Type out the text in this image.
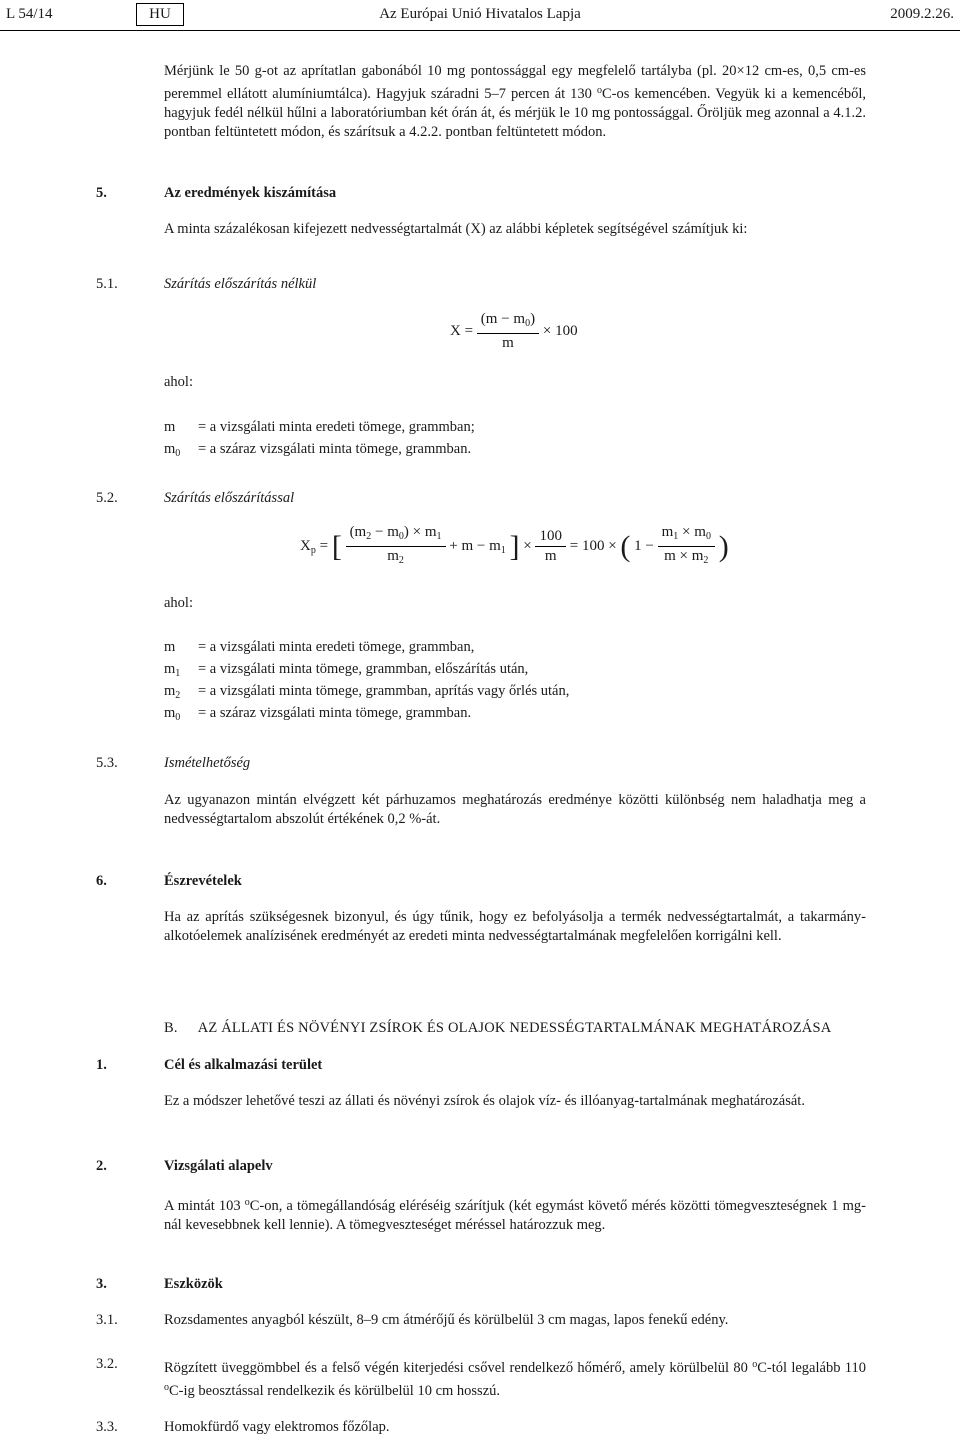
L 54/14	HU	Az Európai Unió Hivatalos Lapja	2009.2.26.
Mérjünk le 50 g-ot az aprítatlan gabonából 10 mg pontossággal egy megfelelő tartályba (pl. 20×12 cm-es, 0,5 cm-es peremmel ellátott alumíniumtálca). Hagyjuk száradni 5–7 percen át 130 $^o$C-os kemencében. Vegyük ki a kemencéből, hagyjuk fedél nélkül hűlni a laboratóriumban két órán át, és mérjük le 10 mg pontossággal. Őröljük meg azonnal a 4.1.2. pontban feltüntetett módon, és szárítsuk a 4.2.2. pontban feltüntetett módon.
5.	Az eredmények kiszámítása
A minta százalékosan kifejezett nedvességtartalmát (X) az alábbi képletek segítségével számítjuk ki:
5.1.	Szárítás előszárítás nélkül
$X = \frac{(m - m_0)}{m} \times 100$
ahol:
m = a vizsgálati minta eredeti tömege, grammban;
$m_0 = a$ száraz vizsgálati minta tömege, grammban.
5.2.	Szárítás előszárítással
$X_p$ = [ $\frac{(m_2 - m_0) \times m_1}{m_2} + m - m_1$ ] × $\frac{100}{m} = 100$ × ( $1 - \frac{m_1 \times m_0}{m \times m_2}$ )
ahol:
m = a vizsgálati minta eredeti tömege, grammban,
$m_1 = a$ vizsgálati minta tömege, grammban, előszárítás után,
$m_2 = a$ vizsgálati minta tömege, grammban, aprítás vagy őrlés után,
$m_0 = a$ száraz vizsgálati minta tömege, grammban.
5.3.	Ismételhetőség
Az ugyanazon mintán elvégzett két párhuzamos meghatározás eredménye közötti különbség nem haladhatja meg a nedvességtartalom abszolút értékének 0,2 %-át.
6.	Észrevételek
Ha az aprítás szükségesnek bizonyul, és úgy tűnik, hogy ez befolyásolja a termék nedvességtartalmát, a takarmány-alkotóelemek analízisének eredményét az eredeti minta nedvességtartalmának megfelelően korrigálni kell.
B. AZ ÁLLATI ÉS NÖVÉNYI ZSÍROK ÉS OLAJOK NEDESSÉGTARTALMÁNAK MEGHATÁROZÁSA
1.	Cél és alkalmazási terület
Ez a módszer lehetővé teszi az állati és növényi zsírok és olajok víz- és illóanyag-tartalmának meghatározását.
2.	Vizsgálati alapelv
A mintát 103 $^o$C-on, a tömegállandóság eléréséig szárítjuk (két egymást követő mérés közötti tömegveszteségnek 1 mg-nál kevesebbnek kell lennie). A tömegveszteséget méréssel határozzuk meg.
3.	Eszközök
3.1.	Rozsdamentes anyagból készült, 8–9 cm átmérőjű és körülbelül 3 cm magas, lapos fenekű edény.
3.2.	Rögzített üveggömbbel és a felső végén kiterjedési csővel rendelkező hőmérő, amely körülbelül 80 $^o$C-tól legalább 110 $^o$C-ig beosztással rendelkezik és körülbelül 10 cm hosszú.
3.3.	Homokfürdő vagy elektromos főzőlap.
